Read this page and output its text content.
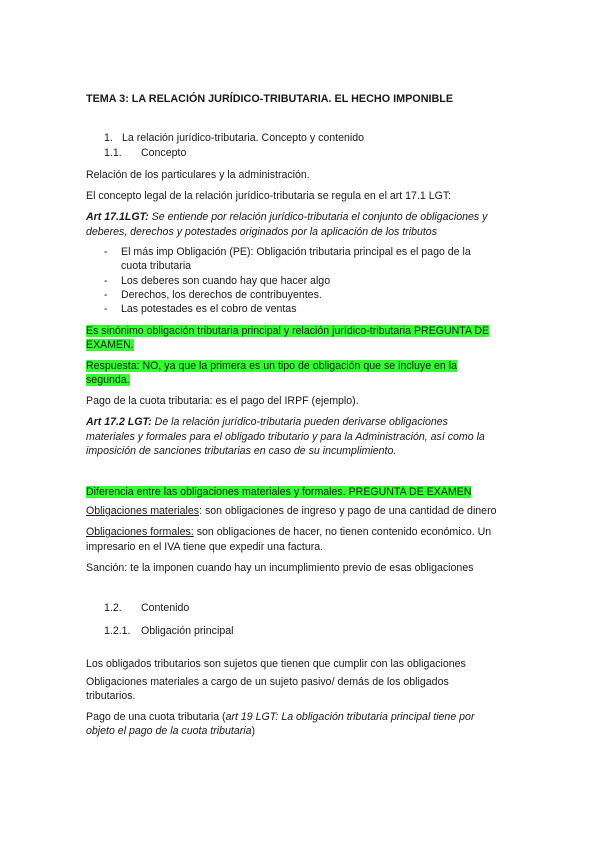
TEMA 3: LA RELACIÓN JURÍDICO-TRIBUTARIA. EL HECHO IMPONIBLE
1. La relación jurídico-tributaria. Concepto y contenido
1.1. Concepto
Relación de los particulares y la administración.
El concepto legal de la relación jurídico-tributaria se regula en el art 17.1 LGT:
Art 17.1LGT: Se entiende por relación jurídico-tributaria el conjunto de obligaciones y
deberes, derechos y potestades originados por la aplicación de los tributos
- El más imp Obligación (PE): Obligación tributaria principal es el pago de la
cuota tributaria
- Los deberes son cuando hay que hacer algo
- Derechos, los derechos de contribuyentes.
- Las potestades es el cobro de ventas
Es sinónimo obligación tributaria principal y relación jurídico-tributaria PREGUNTA DE
EXAMEN.
Respuesta: NO, ya que la primera es un tipo de obligación que se incluye en la
segunda.
Pago de la cuota tributaria: es el pago del IRPF (ejemplo).
Art 17.2 LGT: De la relación jurídico-tributaria pueden derivarse obligaciones
materiales y formales para el obligado tributario y para la Administración, así como la
imposición de sanciones tributarias en caso de su incumplimiento.
Diferencia entre las obligaciones materiales y formales. PREGUNTA DE EXAMEN
Obligaciones materiales: son obligaciones de ingreso y pago de una cantidad de dinero
Obligaciones formales: son obligaciones de hacer, no tienen contenido económico. Un
impresario en el IVA tiene que expedir una factura.
Sanción: te la imponen cuando hay un incumplimiento previo de esas obligaciones
1.2. Contenido
1.2.1. Obligación principal
Los obligados tributarios son sujetos que tienen que cumplir con las obligaciones
Obligaciones materiales a cargo de un sujeto pasivo/ demás de los obligados
tributarios.
Pago de una cuota tributaria (art 19 LGT: La obligación tributaria principal tiene por
objeto el pago de la cuota tributaria)
